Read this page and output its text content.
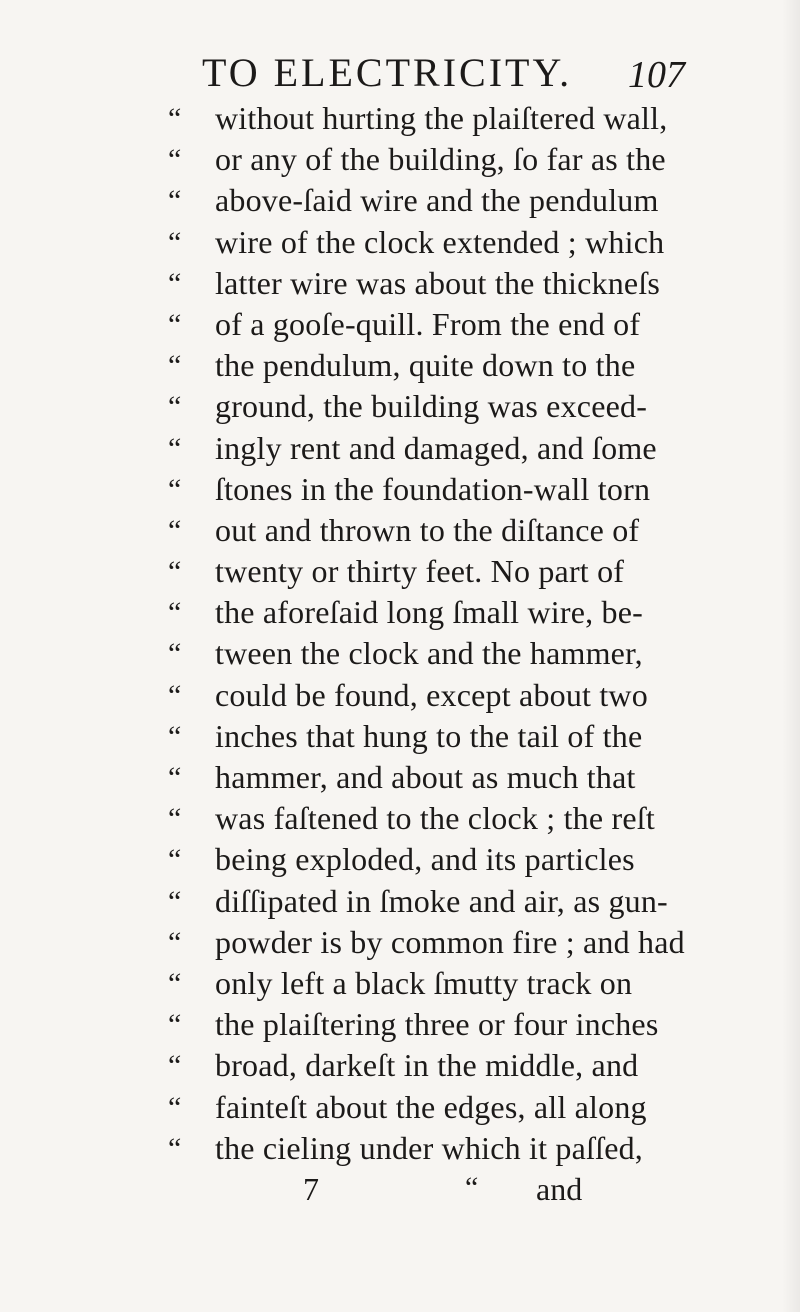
TO ELECTRICITY. 107
“ without hurting the plaiſtered wall,
“ or any of the building, ſo far as the
“ above-ſaid wire and the pendulum
“ wire of the clock extended ; which
“ latter wire was about the thickneſs
“ of a gooſe-quill. From the end of
“ the pendulum, quite down to the
“ ground, the building was exceed-
“ ingly rent and damaged, and ſome
“ ſtones in the foundation-wall torn
“ out and thrown to the diſtance of
“ twenty or thirty feet. No part of
“ the aforeſaid long ſmall wire, be-
“ tween the clock and the hammer,
“ could be found, except about two
“ inches that hung to the tail of the
“ hammer, and about as much that
“ was faſtened to the clock ; the reſt
“ being exploded, and its particles
“ diſſipated in ſmoke and air, as gun-
“ powder is by common fire ; and had
“ only left a black ſmutty track on
“ the plaiſtering three or four inches
“ broad, darkeſt in the middle, and
“ fainteſt about the edges, all along
“ the cieling under which it paſſed,
7	“ and
